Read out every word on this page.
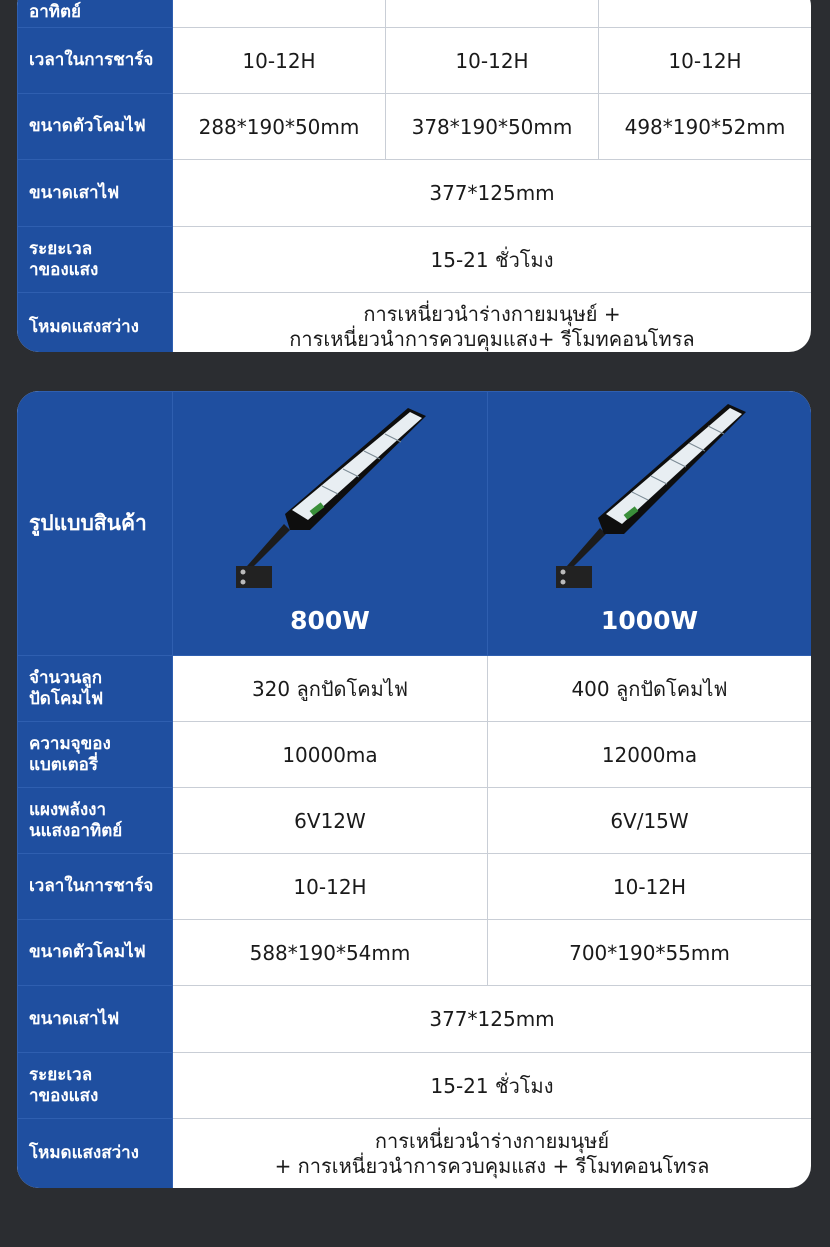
อาทิตย์			
เวลาในการชาร์จ	10-12H	10-12H	10-12H
ขนาดตัวโคมไฟ	288*190*50mm	378*190*50mm	498*190*52mm
ขนาดเสาไฟ	377*125mm		

ระยะเวล
าของแสง	15-21 ชั่วโมง		
โหมดแสงสว่าง	การเหนี่ยวนำร่างกายมนุษย์ +
การเหนี่ยวนำการควบคุมแสง+ รีโมทคอนโทรล		
รูปแบบสินค้า	800W	1000W

จำนวนลูก
ปัดโคมไฟ	320 ลูกปัดโคมไฟ	400 ลูกปัดโคมไฟ

ความจุของ
แบตเตอรี่	10000ma	12000ma

แผงพลังงา
นแสงอาทิตย์	6V12W	6V/15W
เวลาในการชาร์จ	10-12H	10-12H
ขนาดตัวโคมไฟ	588*190*54mm	700*190*55mm
ขนาดเสาไฟ	377*125mm	

ระยะเวล
าของแสง	15-21 ชั่วโมง	
โหมดแสงสว่าง	การเหนี่ยวนำร่างกายมนุษย์
+ การเหนี่ยวนำการควบคุมแสง + รีโมทคอนโทรล	
